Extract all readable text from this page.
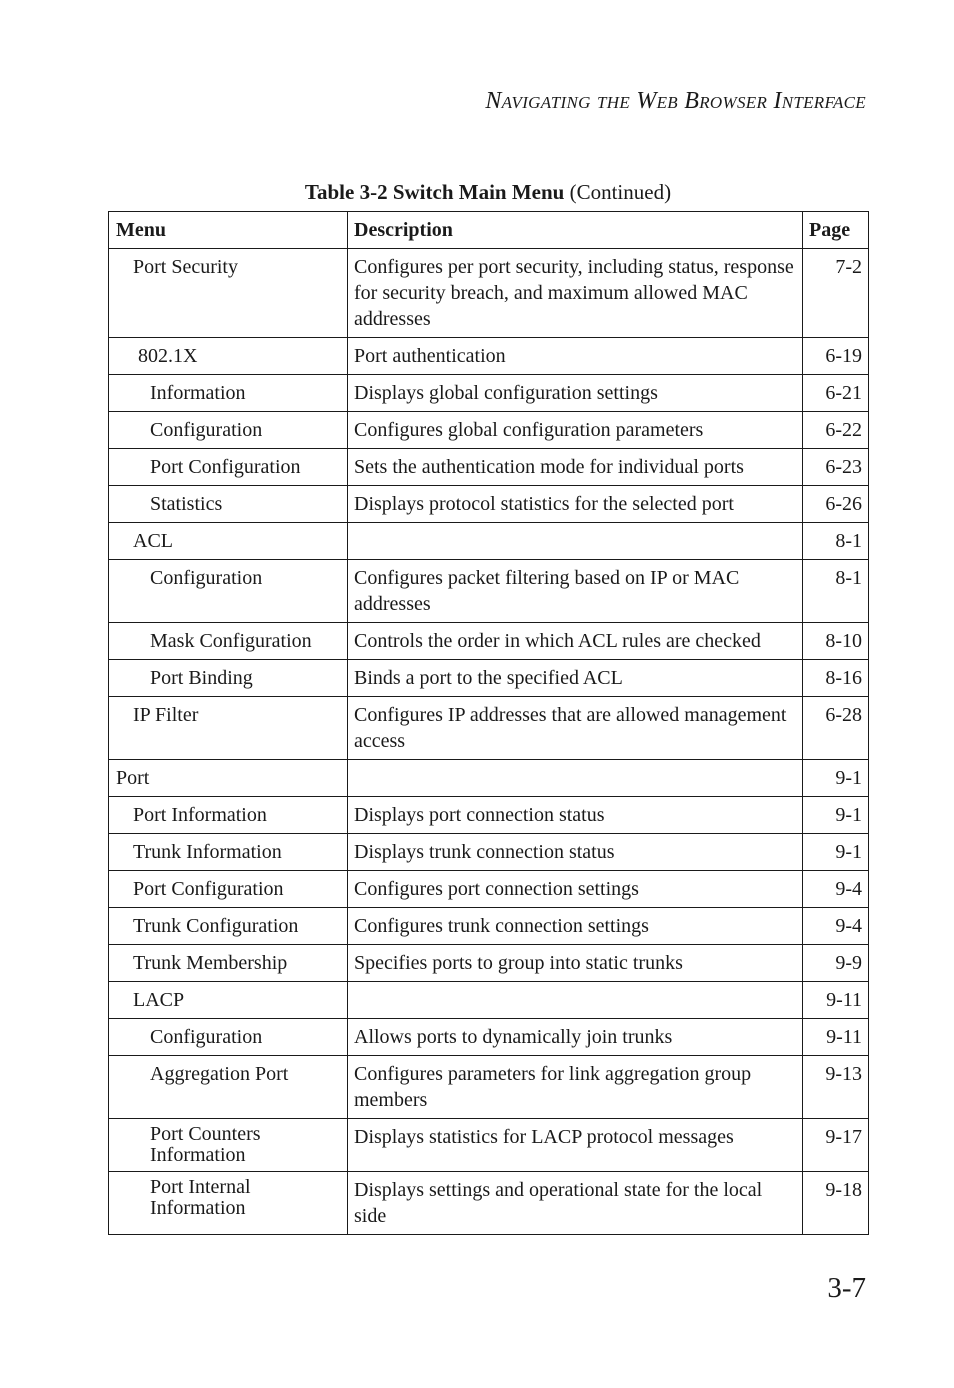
Navigating the Web Browser Interface
Table 3-2 Switch Main Menu (Continued)
Menu	Description	Page
Port Security	Configures per port security, including status, response for security breach, and maximum allowed MAC addresses	7-2
802.1X	Port authentication	6-19
Information	Displays global configuration settings	6-21
Configuration	Configures global configuration parameters	6-22
Port Configuration	Sets the authentication mode for individual ports	6-23
Statistics	Displays protocol statistics for the selected port	6-26
ACL		8-1
Configuration	Configures packet filtering based on IP or MAC addresses	8-1
Mask Configuration	Controls the order in which ACL rules are checked	8-10
Port Binding	Binds a port to the specified ACL	8-16
IP Filter	Configures IP addresses that are allowed management access	6-28
Port		9-1
Port Information	Displays port connection status	9-1
Trunk Information	Displays trunk connection status	9-1
Port Configuration	Configures port connection settings	9-4
Trunk Configuration	Configures trunk connection settings	9-4
Trunk Membership	Specifies ports to group into static trunks	9-9
LACP		9-11
Configuration	Allows ports to dynamically join trunks	9-11
Aggregation Port	Configures parameters for link aggregation group members	9-13
Port Counters Information	Displays statistics for LACP protocol messages	9-17
Port Internal Information	Displays settings and operational state for the local side	9-18
3-7
